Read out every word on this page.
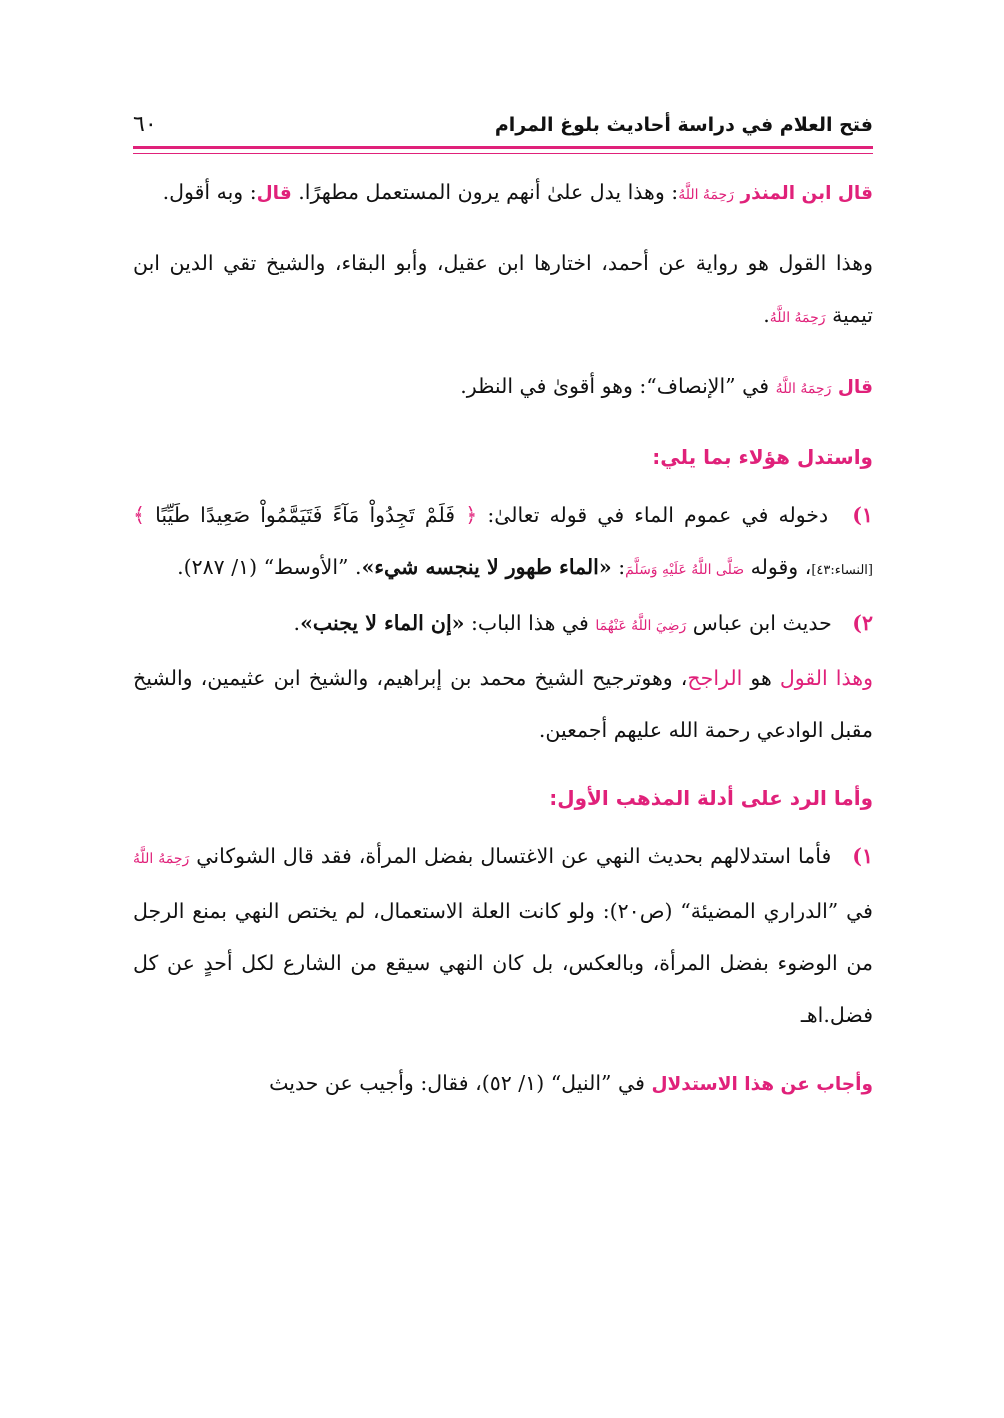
فتح العلام في دراسة أحاديث بلوغ المرام
٦٠

قال ابن المنذر رَحِمَهُ اللَّهُ: وهذا يدل علىٰ أنهم يرون المستعمل مطهرًا. قال: وبه أقول.

وهذا القول هو رواية عن أحمد، اختارها ابن عقيل، وأبو البقاء، والشيخ تقي الدين ابن تيمية رَحِمَهُ اللَّهُ.

قال رَحِمَهُ اللَّهُ في ”الإنصاف“: وهو أقوىٰ في النظر.

واستدل هؤلاء بما يلي:

١) دخوله في عموم الماء في قوله تعالىٰ: ﴿ فَلَمْ تَجِدُواْ مَآءً فَتَيَمَّمُواْ صَعِيدًا طَيِّبًا ﴾ [النساء:٤٣]، وقوله صَلَّى اللَّهُ عَلَيْهِ وَسَلَّمَ: «الماء طهور لا ينجسه شيء». ”الأوسط“ (١/ ٢٨٧).

٢) حديث ابن عباس رَضِيَ اللَّهُ عَنْهُمَا في هذا الباب: «إن الماء لا يجنب».

وهذا القول هو الراجح، وهوترجيح الشيخ محمد بن إبراهيم، والشيخ ابن عثيمين، والشيخ مقبل الوادعي رحمة الله عليهم أجمعين.

وأما الرد على أدلة المذهب الأول:

١) فأما استدلالهم بحديث النهي عن الاغتسال بفضل المرأة، فقد قال الشوكاني رَحِمَهُ اللَّهُ في ”الدراري المضيئة“ (ص٢٠): ولو كانت العلة الاستعمال، لم يختص النهي بمنع الرجل من الوضوء بفضل المرأة، وبالعكس، بل كان النهي سيقع من الشارع لكل أحدٍ عن كل فضل.اهـ

وأجاب عن هذا الاستدلال في ”النيل“ (١/ ٥٢)، فقال: وأجيب عن حديث
